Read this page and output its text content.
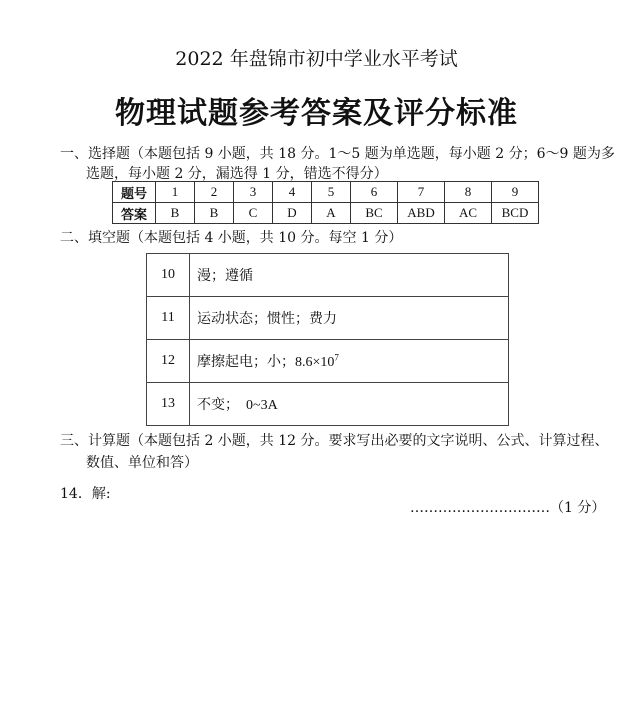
2022 年盘锦市初中学业水平考试
物理试题参考答案及评分标准
一、选择题（本题包括 9 小题，共 18 分。1～5 题为单选题，每小题 2 分；6～9 题为多
选题，每小题 2 分，漏选得 1 分，错选不得分）
题号	1	2	3	4	5	6	7	8	9
答案	B	B	C	D	A	BC	ABD	AC	BCD
二、填空题（本题包括 4 小题，共 10 分。每空 1 分）
10	漫；遵循
11	运动状态；惯性；费力
12	摩擦起电；小；$8.6\times 10^7$
13	不变；　0~3A
三、计算题（本题包括 2 小题，共 12 分。要求写出必要的文字说明、公式、计算过程、
数值、单位和答）
14．解:
…………………………（1 分）
